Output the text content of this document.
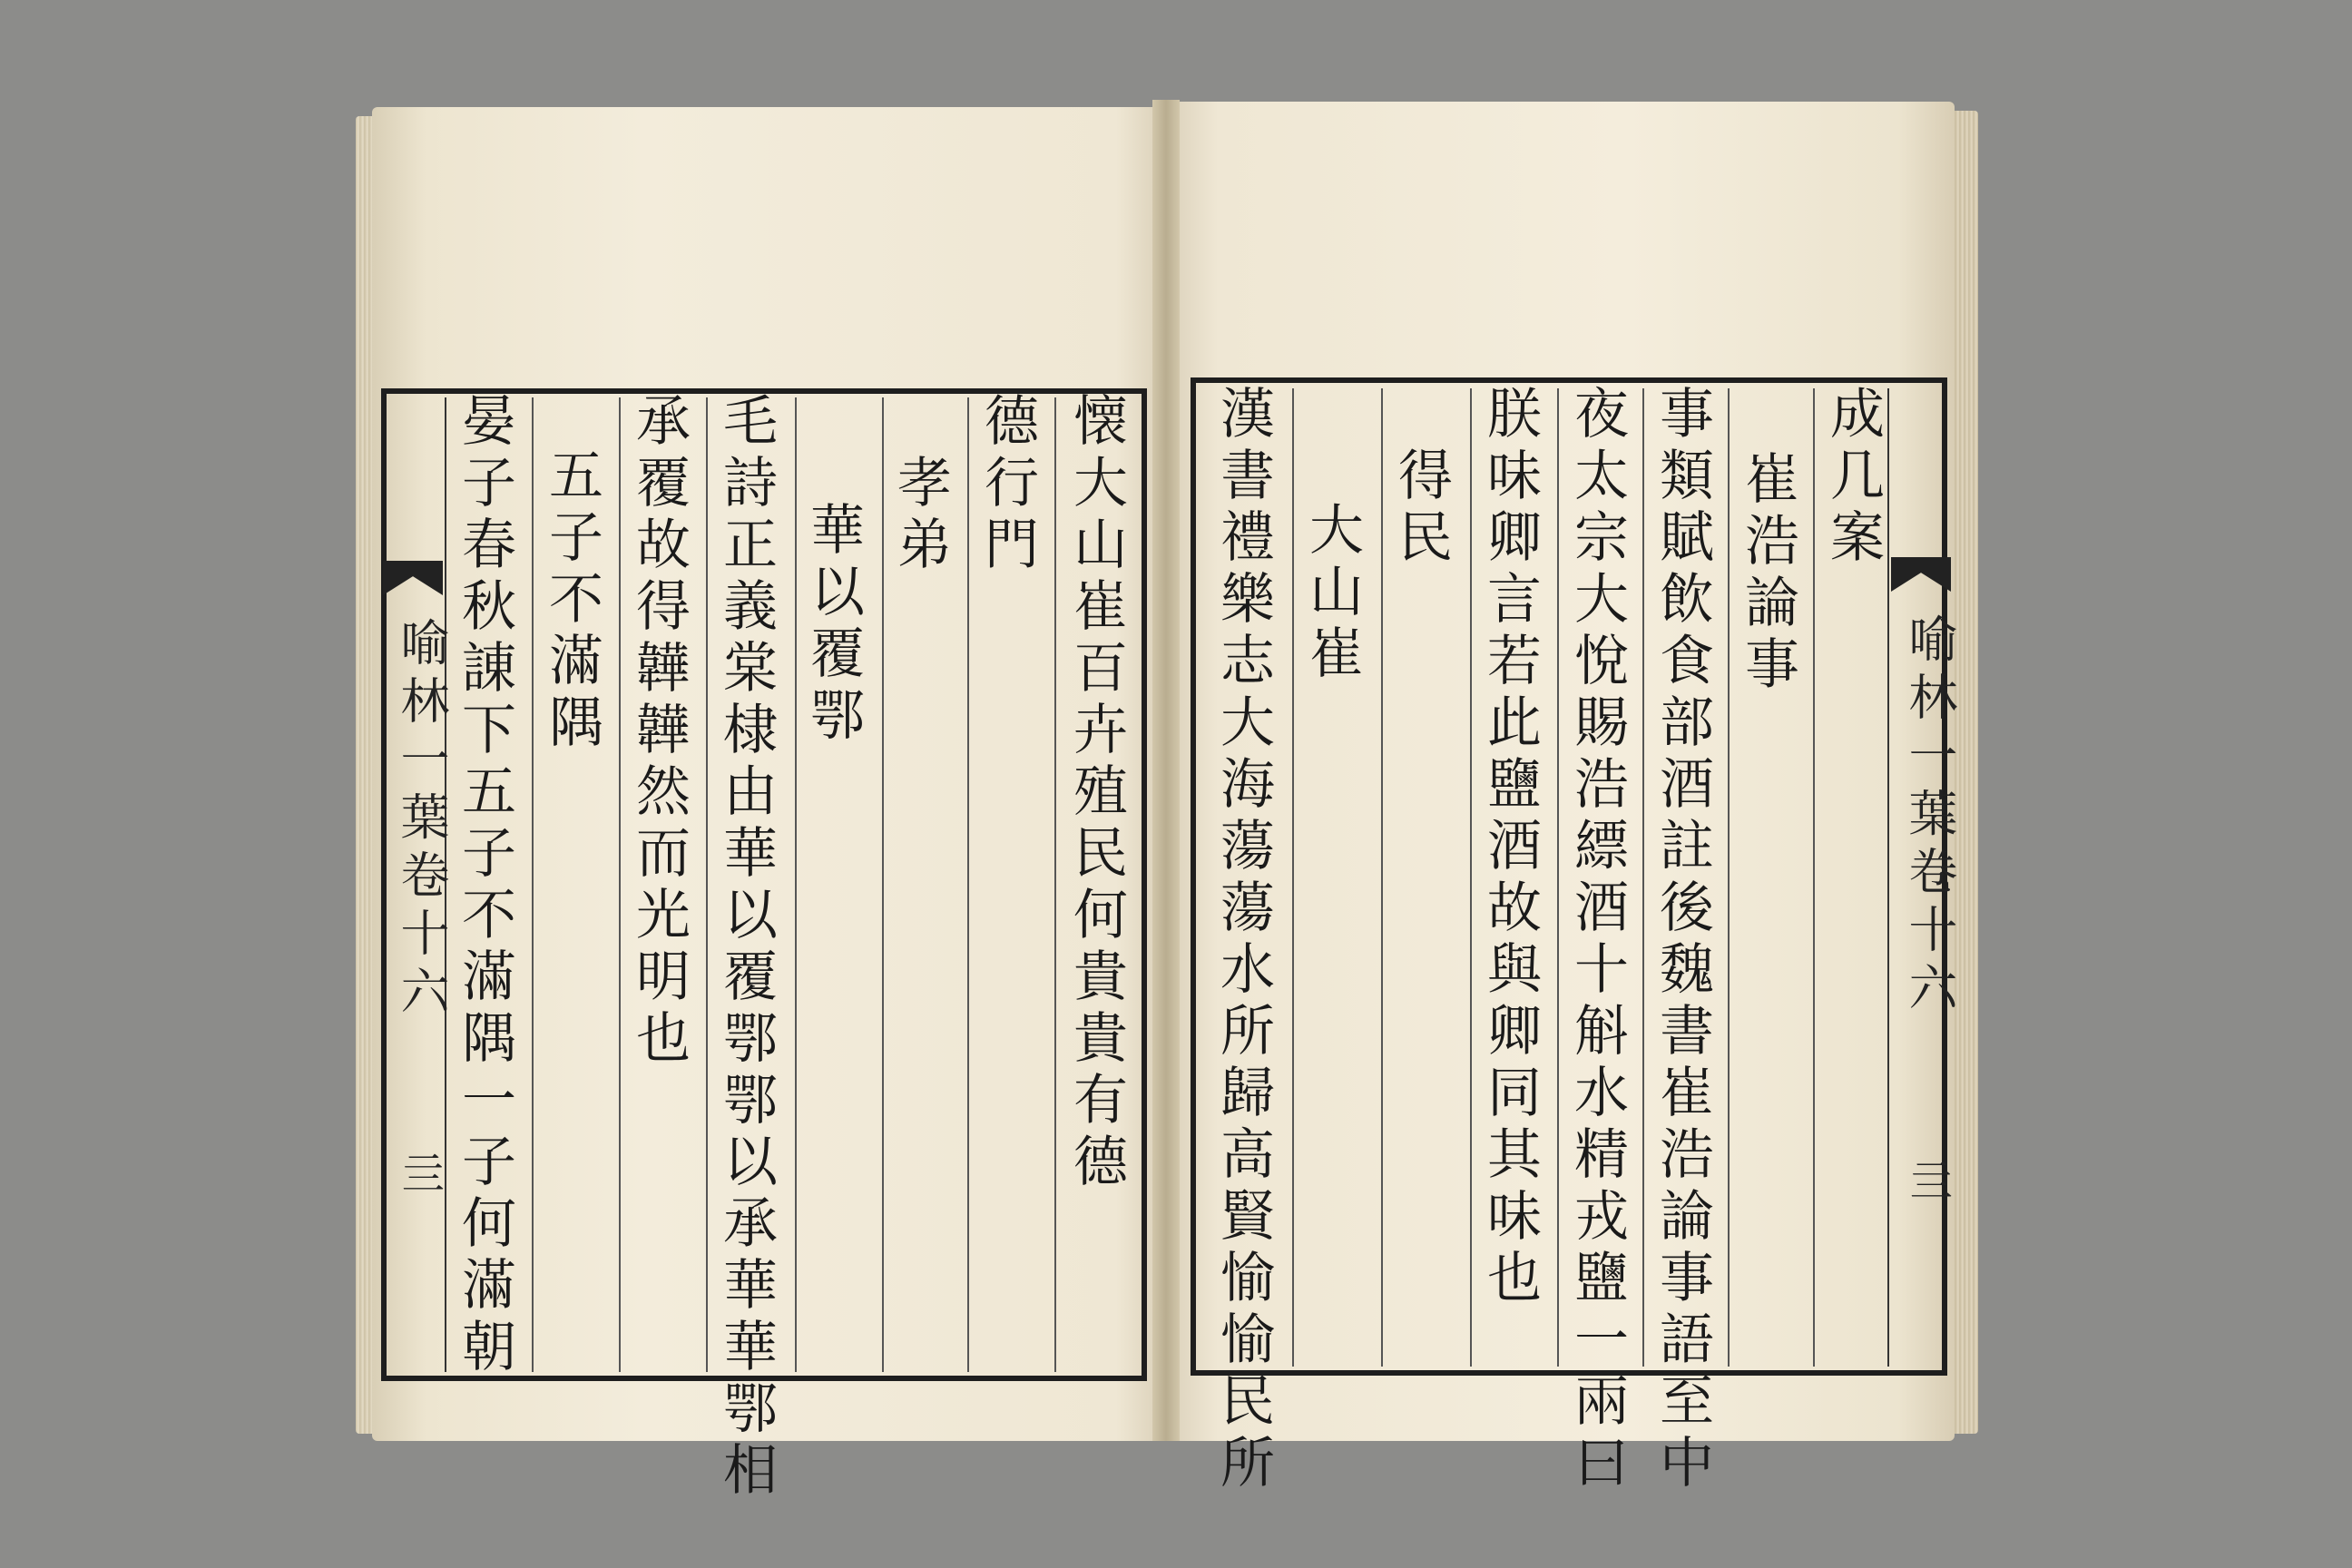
喻林一葉卷十六
亖	懐大山崔百卉殖民何貴貴有德
德行門
孝弟
華以覆鄂
毛詩正義棠棣由華以覆鄂鄂以承華華鄂相
承覆故得韡韡然而光明也
五子不滿隅
晏子春秋諌下五子不滿隅一子何滿朝	喻林一葉卷十六
亖
成几案
崔浩論事
事類賦飲食部酒註後魏書崔浩論事語至中
夜太宗大悅賜浩縹酒十斛水精戎鹽一兩曰
朕味卿言若此鹽酒故與卿同其味也
得民
大山崔
漢書禮樂志大海蕩蕩水所歸高賢愉愉民所
